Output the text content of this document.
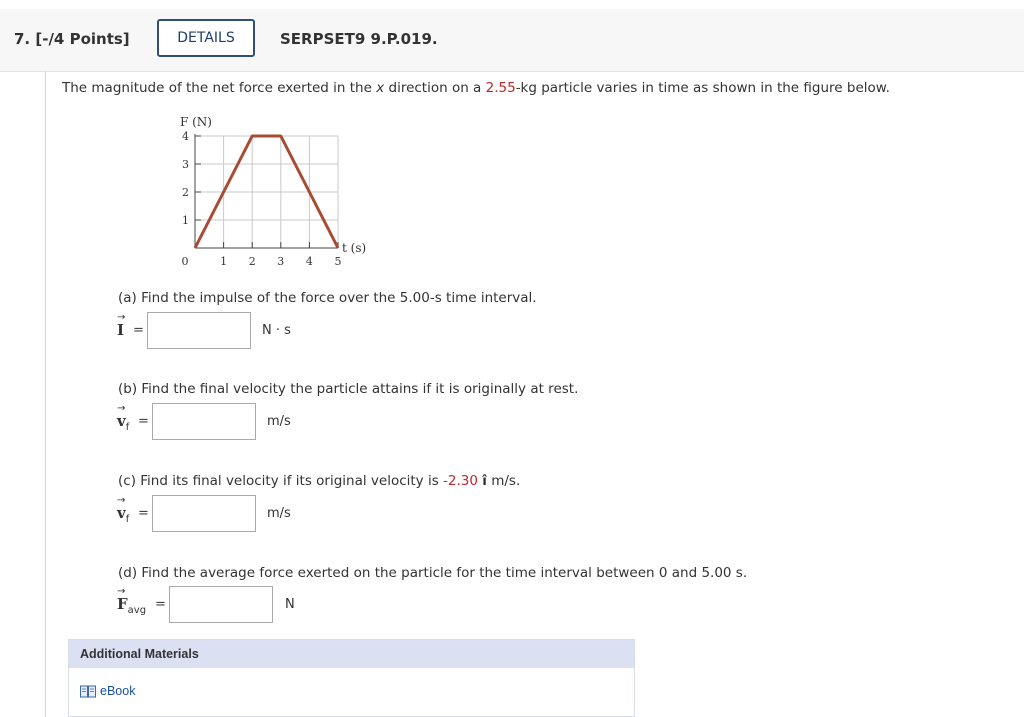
7. [-/4 Points]	DETAILS	SERPSET9 9.P.019.
The magnitude of the net force exerted in the x direction on a 2.55-kg particle varies in time as shown in the figure below.
1
2
3
4
0	1 2 3 4 5
F (N)
t (s)
(a) Find the impulse of the force over the 5.00-s time interval.
→
I =	N · s
(b) Find the final velocity the particle attains if it is originally at rest.
→
$v_f$ =	m/s
(c) Find its final velocity if its original velocity is -2.30 î m/s.
→
$v_f$ =	m/s
(d) Find the average force exerted on the particle for the time interval between 0 and 5.00 s.
→
$F_{avg}$ =	N
Additional Materials
eBook
